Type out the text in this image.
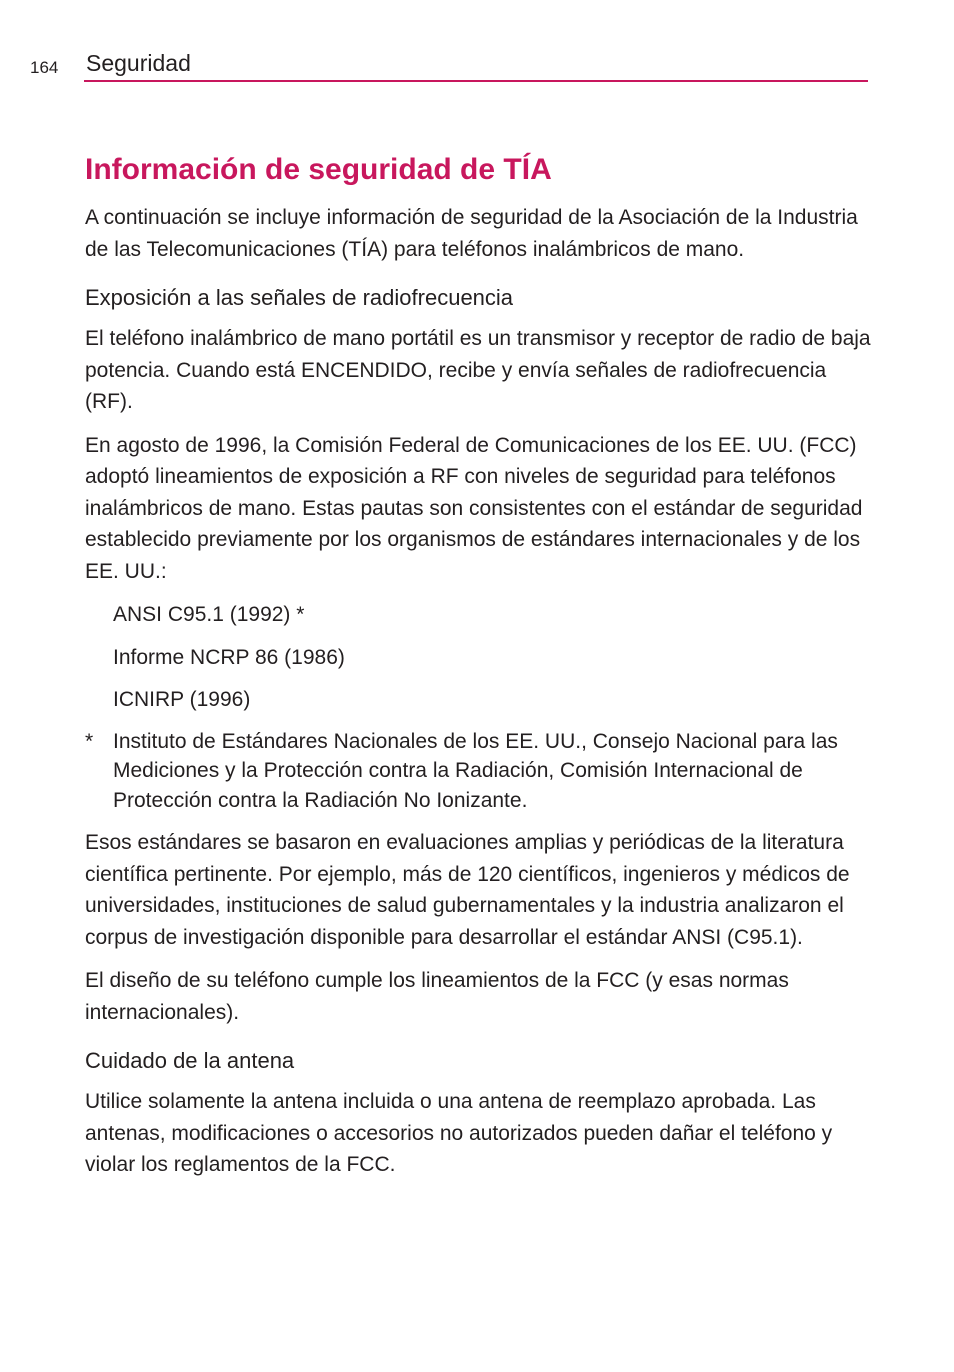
164 Seguridad
Información de seguridad de TÍA

A continuación se incluye información de seguridad de la Asociación de la Industria de las Telecomunicaciones (TÍA) para teléfonos inalámbricos de mano.

Exposición a las señales de radiofrecuencia

El teléfono inalámbrico de mano portátil es un transmisor y receptor de radio de baja potencia. Cuando está ENCENDIDO, recibe y envía señales de radiofrecuencia (RF).

En agosto de 1996, la Comisión Federal de Comunicaciones de los EE. UU. (FCC) adoptó lineamientos de exposición a RF con niveles de seguridad para teléfonos inalámbricos de mano. Estas pautas son consistentes con el estándar de seguridad establecido previamente por los organismos de estándares internacionales y de los EE. UU.:

ANSI C95.1 (1992) *
Informe NCRP 86 (1986)
ICNIRP (1996)
* Instituto de Estándares Nacionales de los EE. UU., Consejo Nacional para las Mediciones y la Protección contra la Radiación, Comisión Internacional de Protección contra la Radiación No Ionizante.

Esos estándares se basaron en evaluaciones amplias y periódicas de la literatura científica pertinente. Por ejemplo, más de 120 científicos, ingenieros y médicos de universidades, instituciones de salud gubernamentales y la industria analizaron el corpus de investigación disponible para desarrollar el estándar ANSI (C95.1).

El diseño de su teléfono cumple los lineamientos de la FCC (y esas normas internacionales).

Cuidado de la antena

Utilice solamente la antena incluida o una antena de reemplazo aprobada. Las antenas, modificaciones o accesorios no autorizados pueden dañar el teléfono y violar los reglamentos de la FCC.
